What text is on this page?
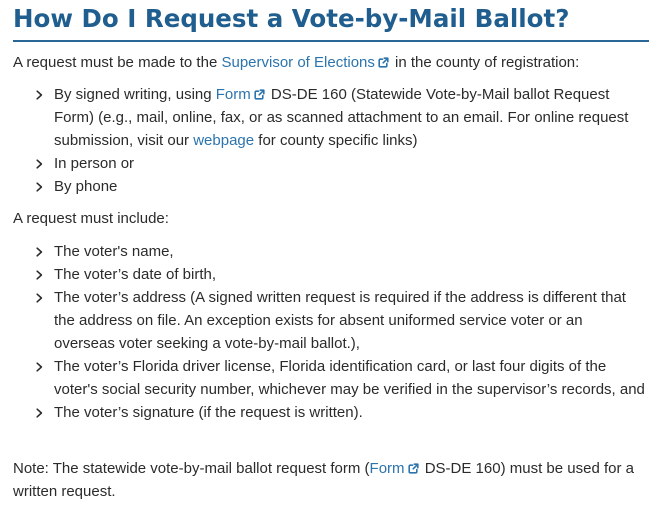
How Do I Request a Vote-by-Mail Ballot?

A request must be made to the Supervisor of Elections
in the county of registration:

By signed writing, using Form
DS-DE 160 (Statewide Vote-by-Mail ballot Request Form) (e.g., mail, online, fax, or as scanned attachment to an email. For online request submission, visit our webpage for county specific links)
In person or
By phone

A request must include:

The voter's name,
The voter’s date of birth,
The voter’s address (A signed written request is required if the address is different that the address on file. An exception exists for absent uniformed service voter or an overseas voter seeking a vote-by-mail ballot.),
The voter’s Florida driver license, Florida identification card, or last four digits of the voter's social security number, whichever may be verified in the supervisor’s records, and
The voter’s signature (if the request is written).

Note: The statewide vote-by-mail ballot request form (Form
DS-DE 160) must be used for a written request.
